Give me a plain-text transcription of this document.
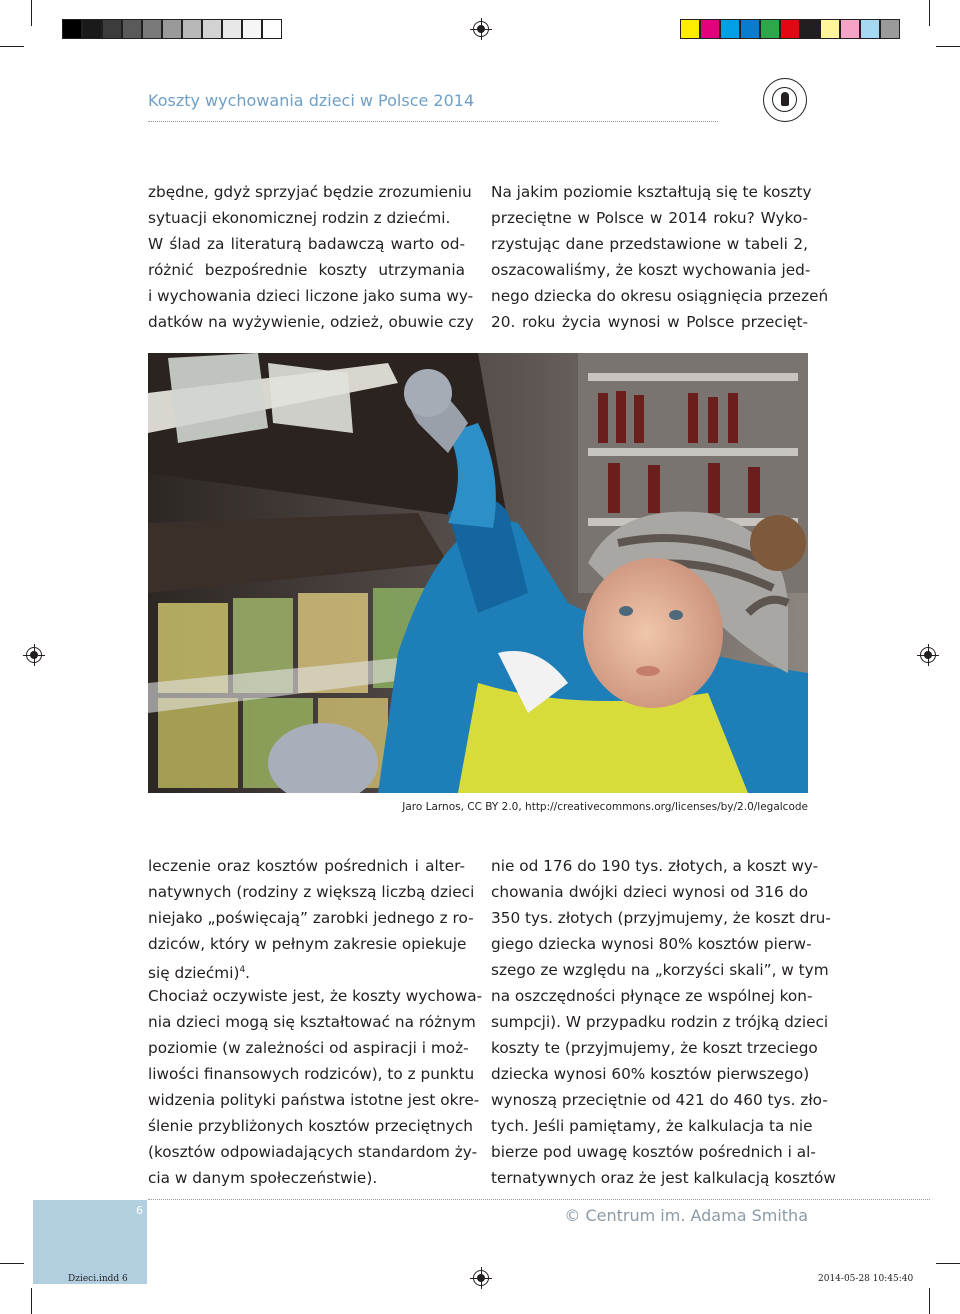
Koszty wychowania dzieci w Polsce 2014
zbędne, gdyż sprzyjać będzie zrozumieniu
sytuacji ekonomicznej rodzin z dziećmi.
W ślad za literaturą badawczą warto od-
różnić bezpośrednie koszty utrzymania
i wychowania dzieci liczone jako suma wy-
datków na wyżywienie, odzież, obuwie czy
Na jakim poziomie kształtują się te koszty
przeciętne w Polsce w 2014 roku? Wyko-
rzystując dane przedstawione w tabeli 2,
oszacowaliśmy, że koszt wychowania jed-
nego dziecka do okresu osiągnięcia przezeń
20. roku życia wynosi w Polsce przecięt-
Jaro Larnos, CC BY 2.0, http://creativecommons.org/licenses/by/2.0/legalcode
leczenie oraz kosztów pośrednich i alter-
natywnych (rodziny z większą liczbą dzieci
niejako „poświęcają” zarobki jednego z ro-
dziców, który w pełnym zakresie opiekuje
się dziećmi)$^4$.
Chociaż oczywiste jest, że koszty wychowa-
nia dzieci mogą się kształtować na różnym
poziomie (w zależności od aspiracji i moż-
liwości finansowych rodziców), to z punktu
widzenia polityki państwa istotne jest okre-
ślenie przybliżonych kosztów przeciętnych
(kosztów odpowiadających standardom ży-
cia w danym społeczeństwie).
nie od 176 do 190 tys. złotych, a koszt wy-
chowania dwójki dzieci wynosi od 316 do
350 tys. złotych (przyjmujemy, że koszt dru-
giego dziecka wynosi 80% kosztów pierw-
szego ze względu na „korzyści skali”, w tym
na oszczędności płynące ze wspólnej kon-
sumpcji). W przypadku rodzin z trójką dzieci
koszty te (przyjmujemy, że koszt trzeciego
dziecka wynosi 60% kosztów pierwszego)
wynoszą przeciętnie od 421 do 460 tys. zło-
tych. Jeśli pamiętamy, że kalkulacja ta nie
bierze pod uwagę kosztów pośrednich i al-
ternatywnych oraz że jest kalkulacją kosztów
6	© Centrum im. Adama Smitha
Dzieci.indd 6	2014-05-28 10:45:40
